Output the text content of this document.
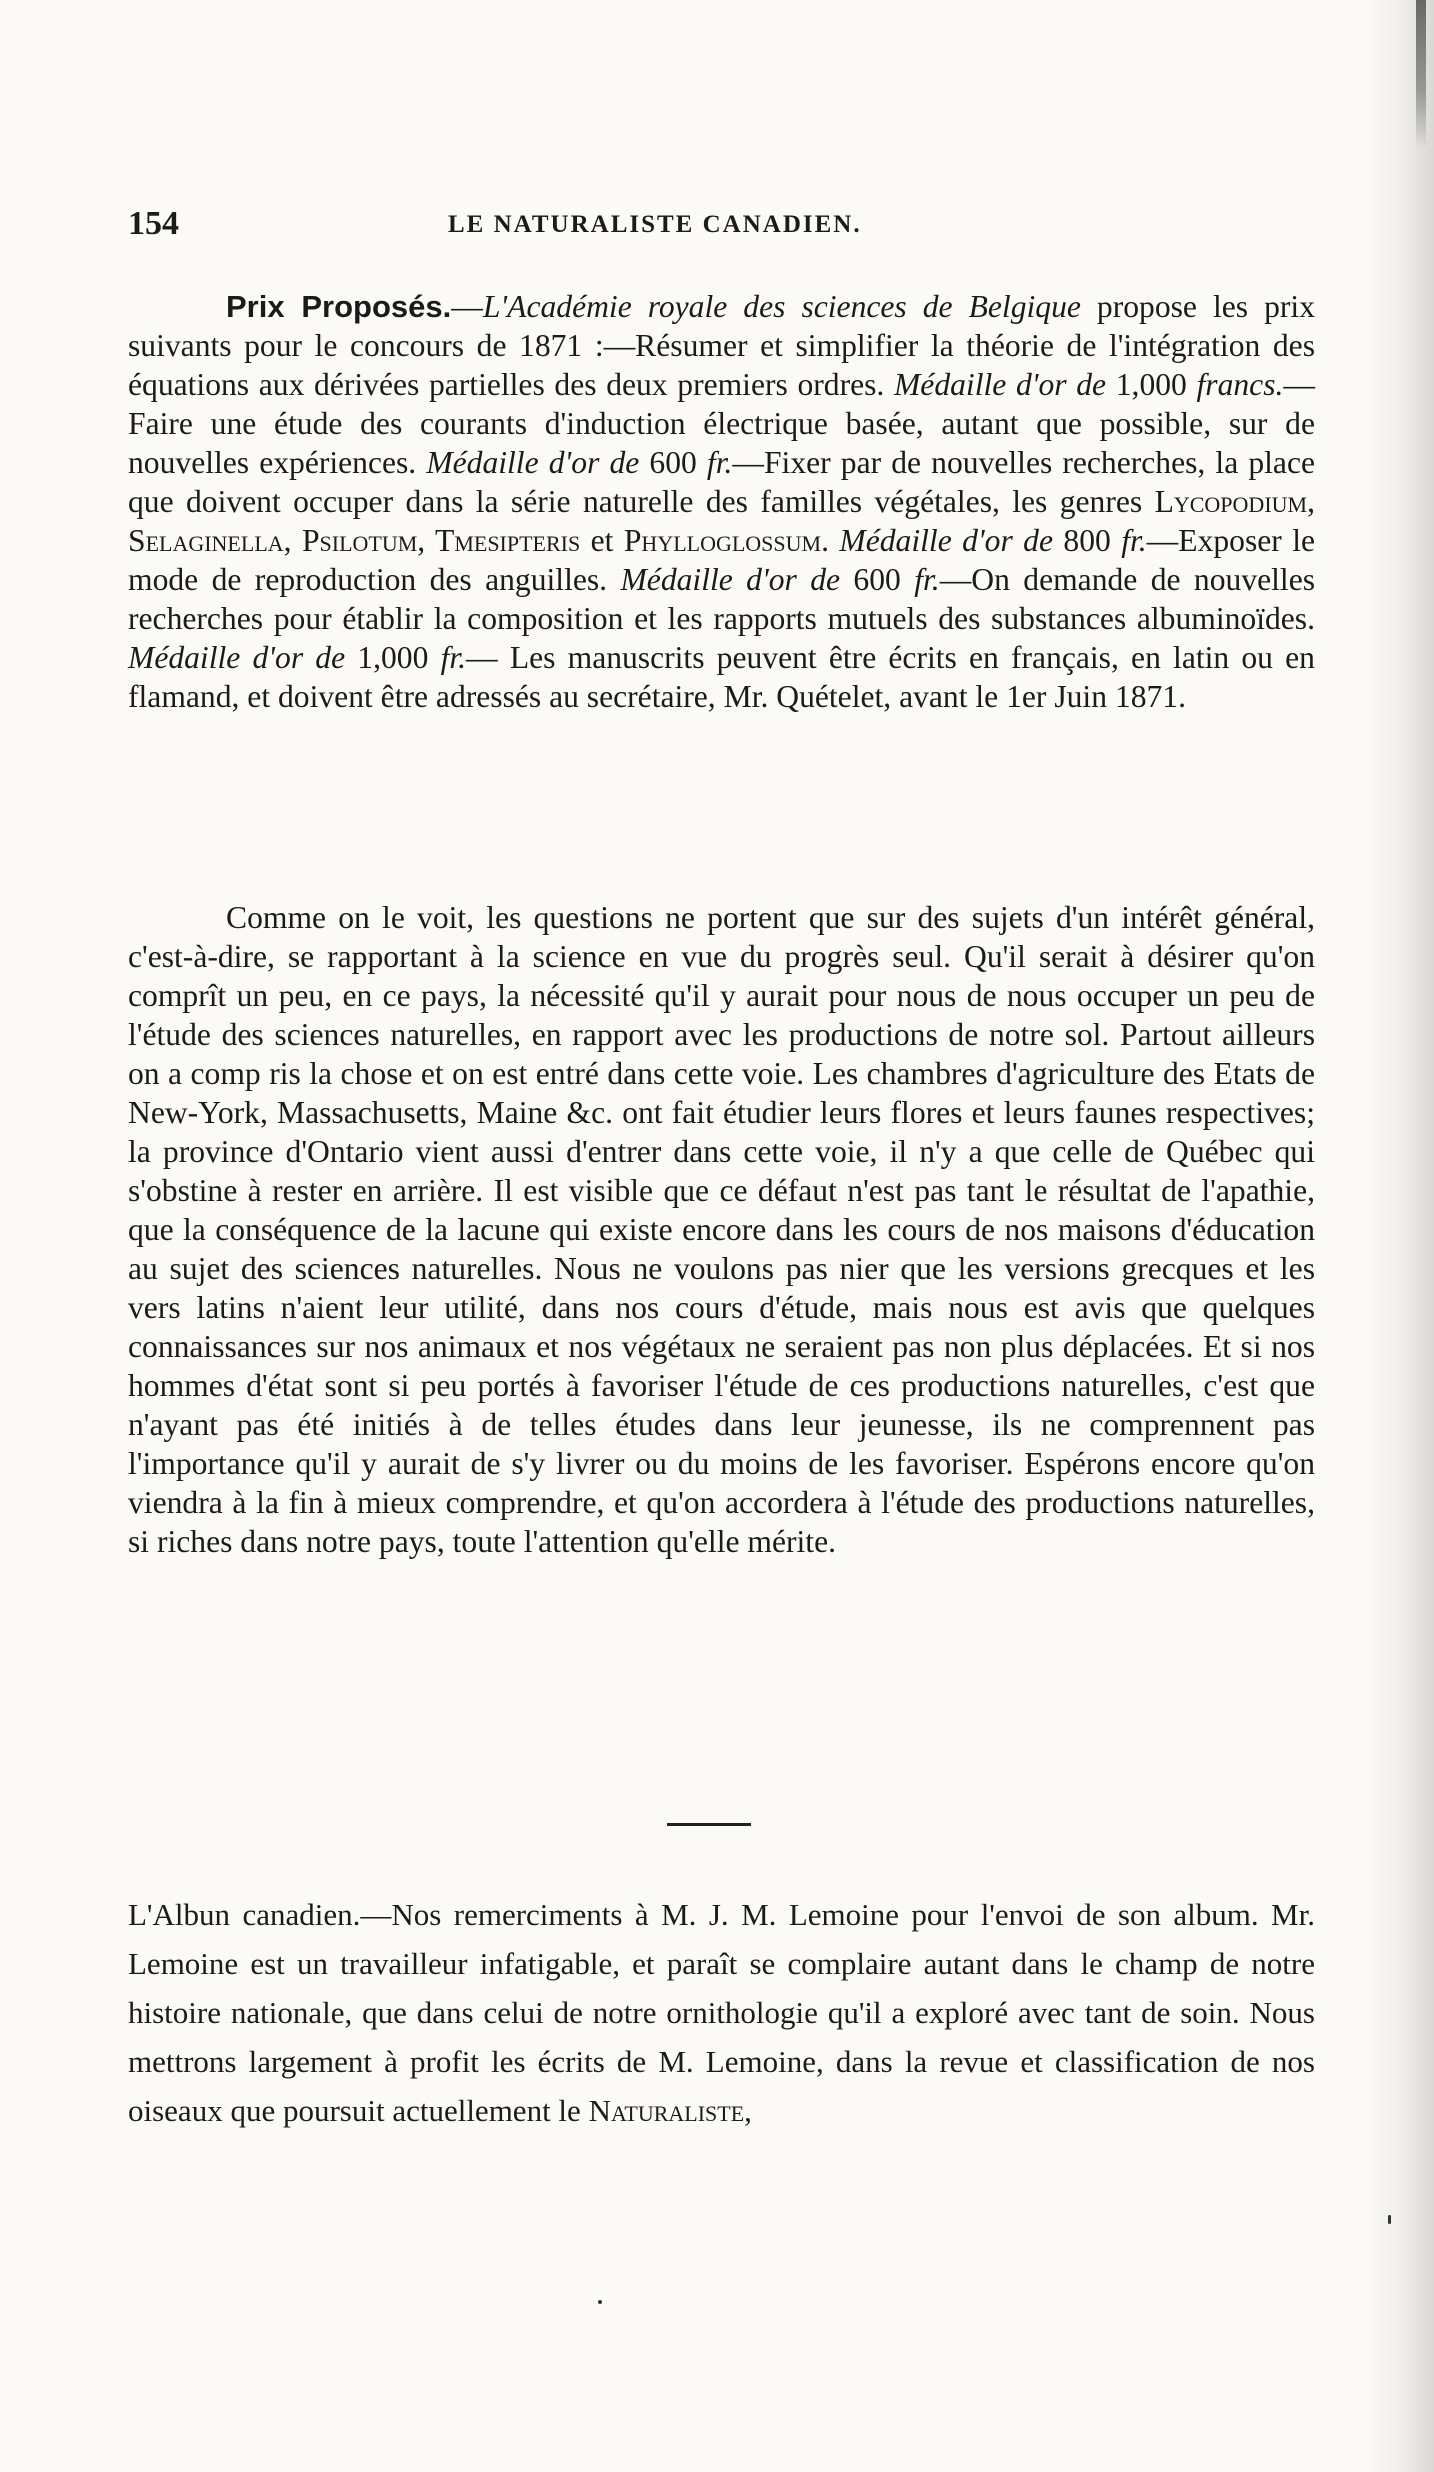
154	LE NATURALISTE CANADIEN.
Prix Proposés.—L'Académie royale des sciences de Belgique propose les prix suivants pour le concours de 1871 :—Résumer et simplifier la théorie de l'intégration des équations aux dérivées partielles des deux premiers ordres. Médaille d'or de 1,000 francs.—Faire une étude des courants d'induction électrique basée, autant que possible, sur de nouvelles expériences. Médaille d'or de 600 fr.—Fixer par de nouvelles recherches, la place que doivent occuper dans la série naturelle des familles végétales, les genres Lycopodium, Selaginella, Psilotum, Tmesipteris et Phylloglossum. Médaille d'or de 800 fr.—Exposer le mode de reproduction des anguilles. Médaille d'or de 600 fr.—On demande de nouvelles recherches pour établir la composition et les rapports mutuels des substances albuminoïdes. Médaille d'or de 1,000 fr.— Les manuscrits peuvent être écrits en français, en latin ou en flamand, et doivent être adressés au secrétaire, Mr. Quételet, avant le 1er Juin 1871.
Comme on le voit, les questions ne portent que sur des sujets d'un intérêt général, c'est-à-dire, se rapportant à la science en vue du progrès seul. Qu'il serait à désirer qu'on comprît un peu, en ce pays, la nécessité qu'il y aurait pour nous de nous occuper un peu de l'étude des sciences naturelles, en rapport avec les productions de notre sol. Partout ailleurs on a comp ris la chose et on est entré dans cette voie. Les chambres d'agriculture des Etats de New-York, Massachusetts, Maine &c. ont fait étudier leurs flores et leurs faunes respectives; la province d'Ontario vient aussi d'entrer dans cette voie, il n'y a que celle de Québec qui s'obstine à rester en arrière. Il est visible que ce défaut n'est pas tant le résultat de l'apathie, que la conséquence de la lacune qui existe encore dans les cours de nos maisons d'éducation au sujet des sciences naturelles. Nous ne voulons pas nier que les versions grecques et les vers latins n'aient leur utilité, dans nos cours d'étude, mais nous est avis que quelques connaissances sur nos animaux et nos végétaux ne seraient pas non plus déplacées. Et si nos hommes d'état sont si peu portés à favoriser l'étude de ces productions naturelles, c'est que n'ayant pas été initiés à de telles études dans leur jeunesse, ils ne comprennent pas l'importance qu'il y aurait de s'y livrer ou du moins de les favoriser. Espérons encore qu'on viendra à la fin à mieux comprendre, et qu'on accordera à l'étude des productions naturelles, si riches dans notre pays, toute l'attention qu'elle mérite.
L'Albun canadien.—Nos remerciments à M. J. M. Lemoine pour l'envoi de son album. Mr. Lemoine est un travailleur infatigable, et paraît se complaire autant dans le champ de notre histoire nationale, que dans celui de notre ornithologie qu'il a exploré avec tant de soin. Nous mettrons largement à profit les écrits de M. Lemoine, dans la revue et classification de nos oiseaux que poursuit actuellement le Naturaliste,
